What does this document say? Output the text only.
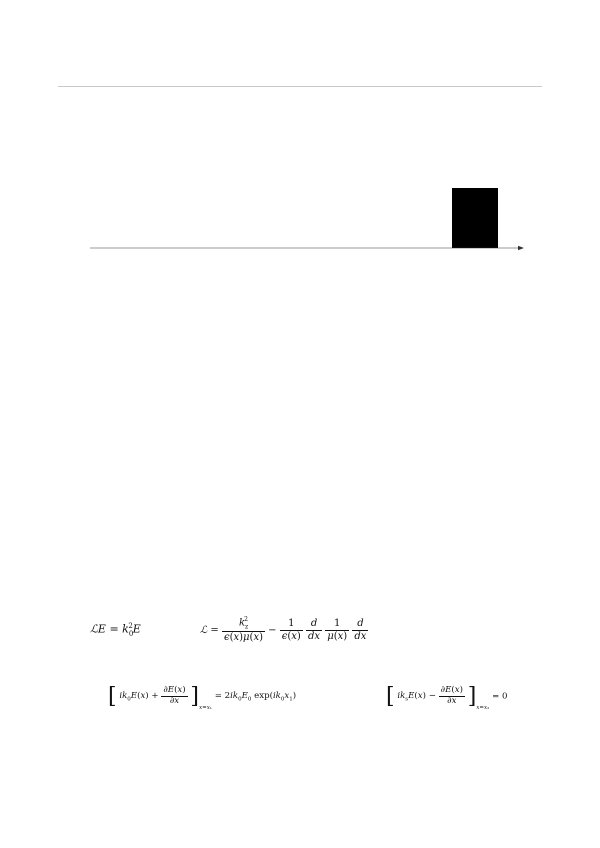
ℒE = $k_0^2E$	ℒ = $\frac{k_z^2}{\epsilon(x)\mu(x)} - \frac{1}{\epsilon(x)}$
$\frac{d}{dx}$
$\frac{1}{\mu(x)}$
$\frac{d}{dx}$
[ $ik_0E(x) + \frac{\partial E(x)}{\partial x} ]_{x=x_1} = 2ik_0E_0$ $\exp(ik_0x_1)$	[ $ik_sE(x) - \frac{\partial E(x)}{\partial x} ]_{x=x_2} = 0$
